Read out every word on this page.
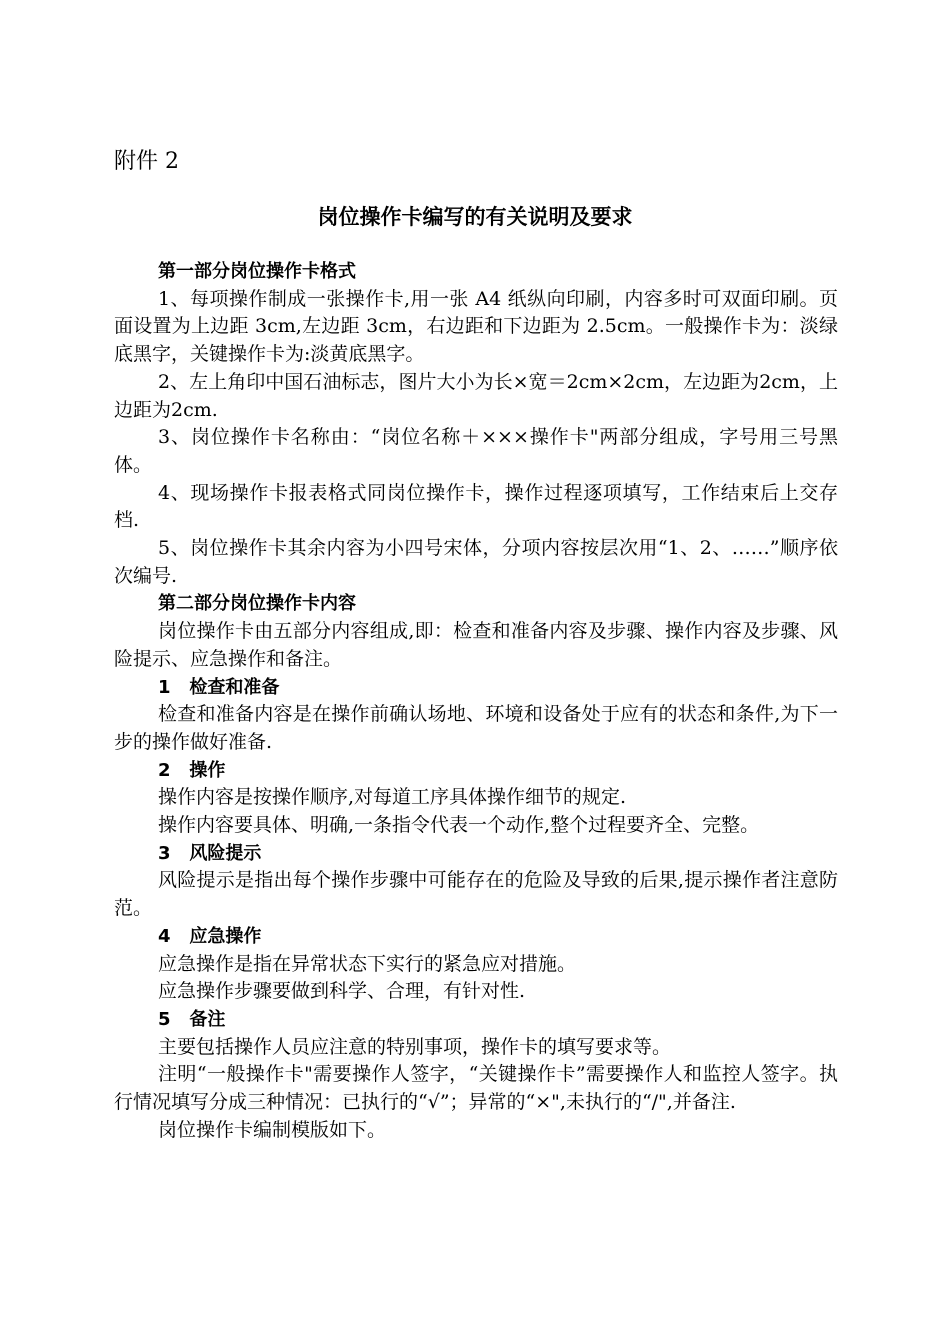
附件 2
岗位操作卡编写的有关说明及要求

第一部分岗位操作卡格式

1、每项操作制成一张操作卡,用一张 A4 纸纵向印刷，内容多时可双面印刷。页面设置为上边距 3cm,左边距 3cm，右边距和下边距为 2.5cm。一般操作卡为：淡绿底黑字，关键操作卡为:淡黄底黑字。

2、左上角印中国石油标志，图片大小为长×宽＝2cm×2cm，左边距为2cm，上边距为2cm.

3、岗位操作卡名称由：“岗位名称＋×××操作卡"两部分组成，字号用三号黑体。

4、现场操作卡报表格式同岗位操作卡，操作过程逐项填写，工作结束后上交存档.

5、岗位操作卡其余内容为小四号宋体，分项内容按层次用“1、2、……”顺序依次编号.

第二部分岗位操作卡内容

岗位操作卡由五部分内容组成,即：检查和准备内容及步骤、操作内容及步骤、风险提示、应急操作和备注。

1 检查和准备

检查和准备内容是在操作前确认场地、环境和设备处于应有的状态和条件,为下一步的操作做好准备.

2 操作

操作内容是按操作顺序,对每道工序具体操作细节的规定.

操作内容要具体、明确,一条指令代表一个动作,整个过程要齐全、完整。

3 风险提示

风险提示是指出每个操作步骤中可能存在的危险及导致的后果,提示操作者注意防范。

4 应急操作

应急操作是指在异常状态下实行的紧急应对措施。

应急操作步骤要做到科学、合理，有针对性.

5 备注

主要包括操作人员应注意的特别事项，操作卡的填写要求等。

注明“一般操作卡"需要操作人签字，“关键操作卡”需要操作人和监控人签字。执行情况填写分成三种情况：已执行的“√”；异常的“×",未执行的“/",并备注.

岗位操作卡编制模版如下。
